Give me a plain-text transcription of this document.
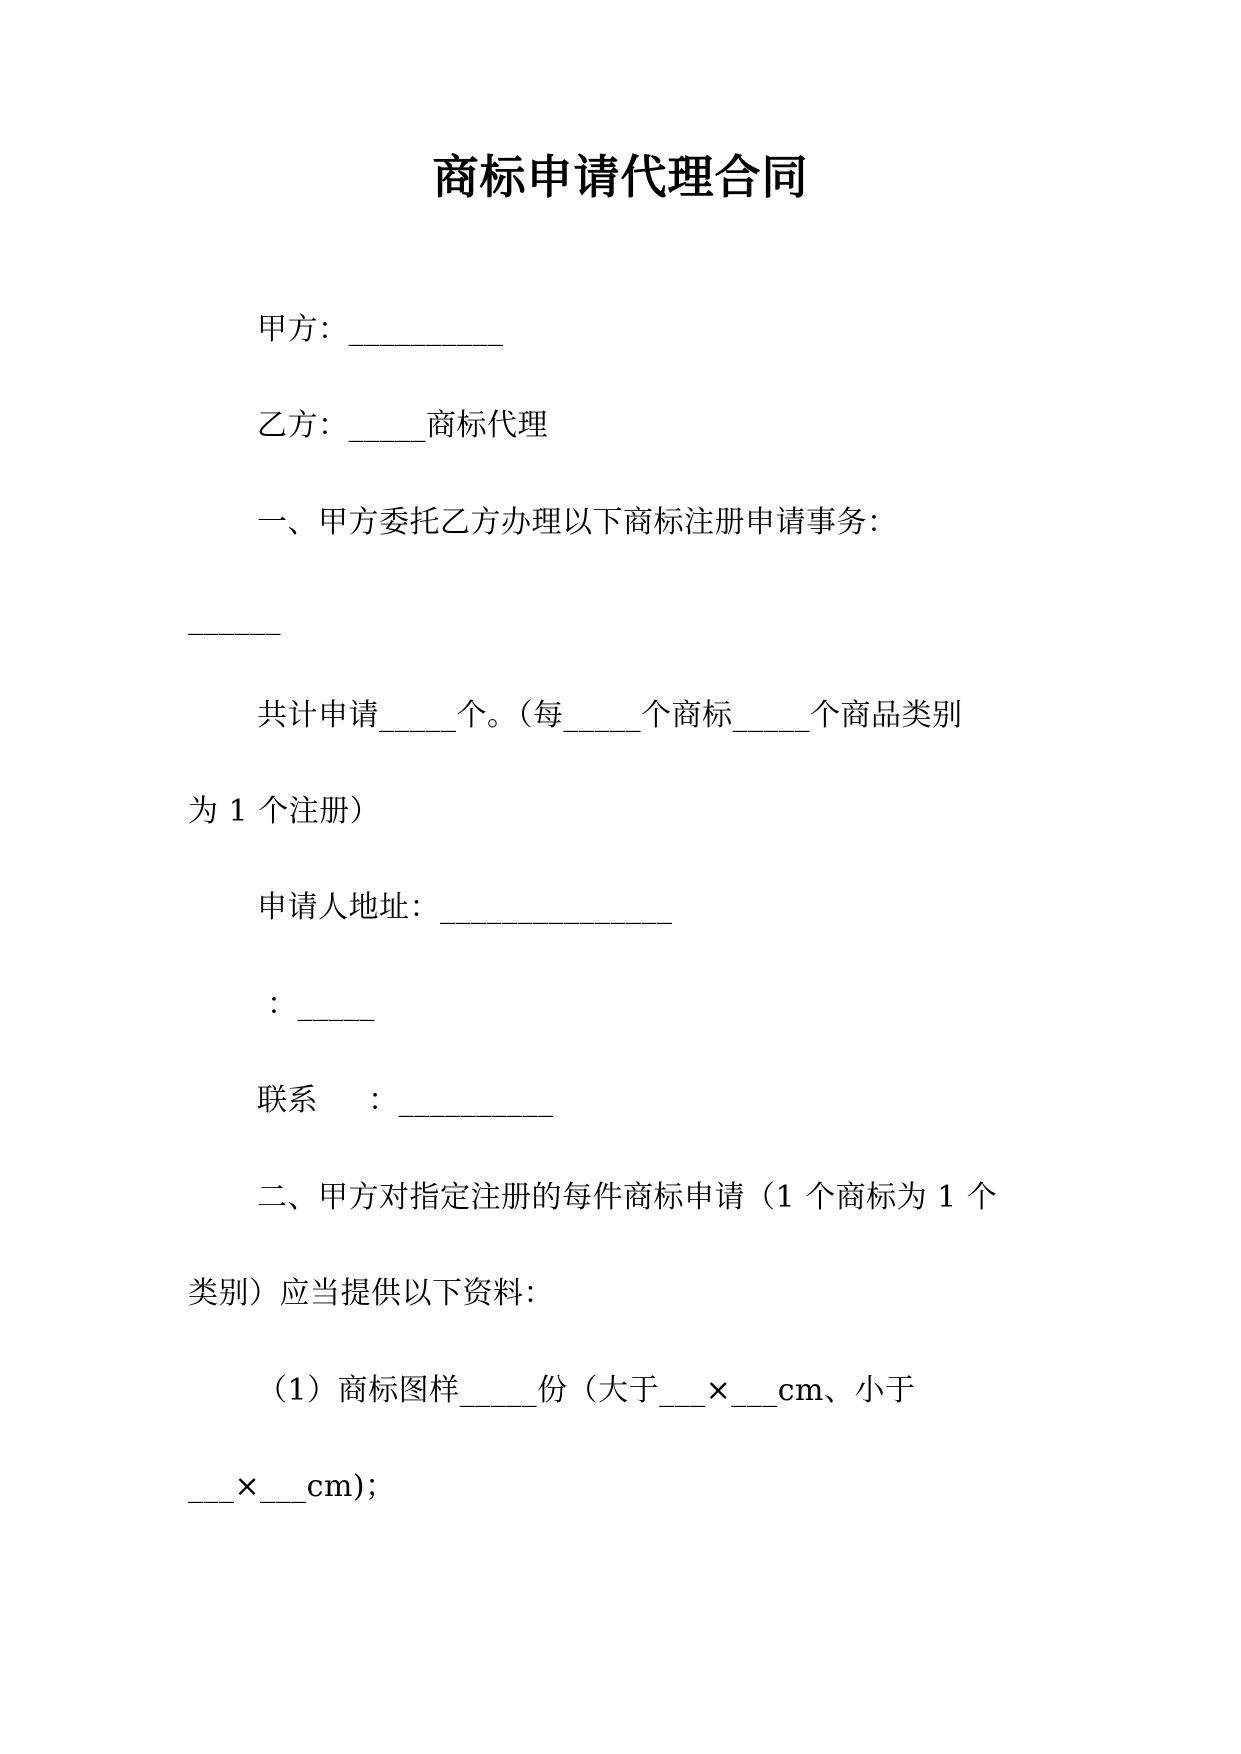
商标申请代理合同
甲方：__________
乙方：_____商标代理
一、甲方委托乙方办理以下商标注册申请事务：
______
共计申请_____个。（每_____个商标_____个商品类别
为 1 个注册）
申请人地址：_______________
：_____
联系     ：__________
二、甲方对指定注册的每件商标申请（1 个商标为 1 个
类别）应当提供以下资料：
（1）商标图样_____份（大于___×___cm、小于
___×___cm)；
